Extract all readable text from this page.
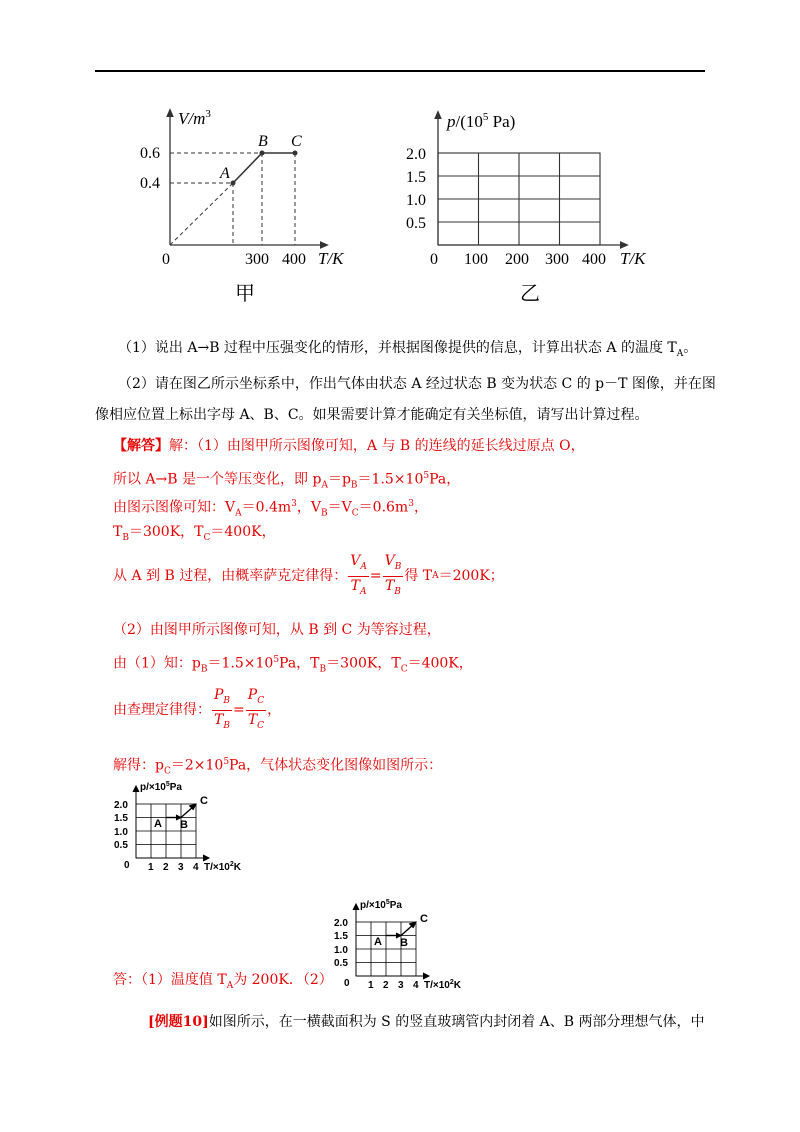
$V/m^3$
0.6
0.4
0	300 400 T/K
A
B C
甲
$p/(10^5$ Pa)
2.0
1.5
1.0
0.5
0 100 200 300 400 T/K
乙
（1）说出 A→B 过程中压强变化的情形，并根据图像提供的信息，计算出状态 A 的温度 $T_A$。
（2）请在图乙所示坐标系中，作出气体由状态 A 经过状态 B 变为状态 C 的 p－T 图像，并在图
像相应位置上标出字母 A、B、C。如果需要计算才能确定有关坐标值，请写出计算过程。
【解答】解：（1）由图甲所示图像可知，A 与 B 的连线的延长线过原点 O，
所以 A→B 是一个等压变化，即 $p_A=p_B=1.5\times 10^5Pa$，
由图示图像可知：$V_A=0.4m^3$，$V_B=V_C=0.6m^3$，
$T_B=300K$，$T_C=400K$，
从 A 到 B 过程，由概率萨克定律得： $\frac{V_A}{T_A} = \frac{V_B}{T_B}$ 得 T A ＝200K；
（2）由图甲所示图像可知，从 B 到 C 为等容过程，
由（1）知：$p_B=1.5\times 10^5Pa$，$T_B=300K$，$T_C=400K$，
由查理定律得： $\frac{P_B}{T_B} = \frac{P_C}{T_C}$ ，
解得：$p_C=2\times 10^5Pa$，气体状态变化图像如图所示：
$p/\times 10^5Pa$
2.0
1.5
1.0
0.5
0 1 2 3 4 $T/\times 10^2K$
A B
C
$p/\times 10^5Pa$
2.0
1.5
1.0
0.5
0 1 2 3 4 $T/\times 10^2K$
A B
C
答：（1）温度值 $T_A$为 200K．（2）
[例题10]如图所示，在一横截面积为 S 的竖直玻璃管内封闭着 A、B 两部分理想气体，中
